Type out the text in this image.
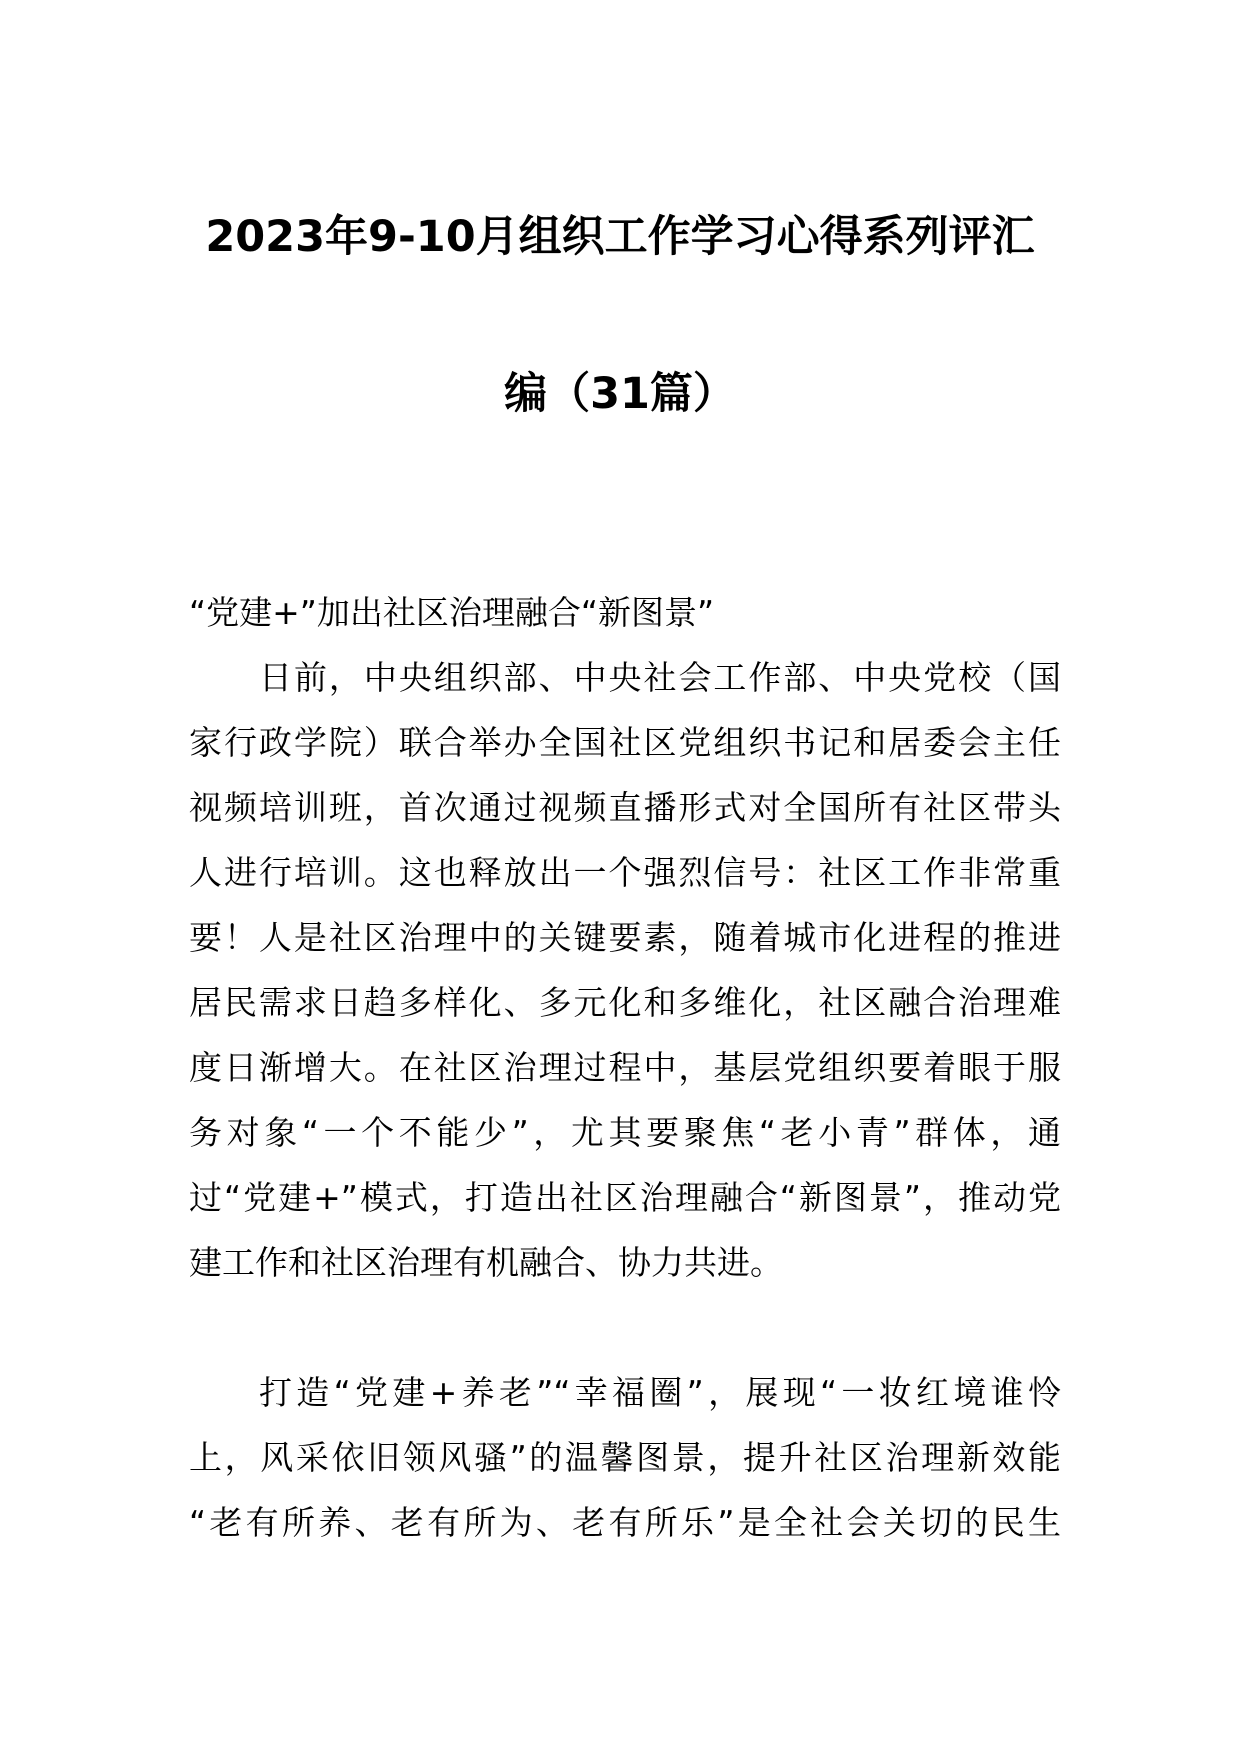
2023年9-10月组织工作学习心得系列评汇
编（31篇）
“党建+”加出社区治理融合“新图景”
日前，中央组织部、中央社会工作部、中央党校（国
家行政学院）联合举办全国社区党组织书记和居委会主任
视频培训班，首次通过视频直播形式对全国所有社区带头
人进行培训。这也释放出一个强烈信号：社区工作非常重
要！人是社区治理中的关键要素，随着城市化进程的推进
居民需求日趋多样化、多元化和多维化，社区融合治理难
度日渐增大。在社区治理过程中，基层党组织要着眼于服
务对象“一个不能少”，尤其要聚焦“老小青”群体，通
过“党建+”模式，打造出社区治理融合“新图景”，推动党
建工作和社区治理有机融合、协力共进。
打造“党建+养老”“幸福圈”，展现“一妆红境谁怜
上，风采依旧领风骚”的温馨图景，提升社区治理新效能
“老有所养、老有所为、老有所乐”是全社会关切的民生
